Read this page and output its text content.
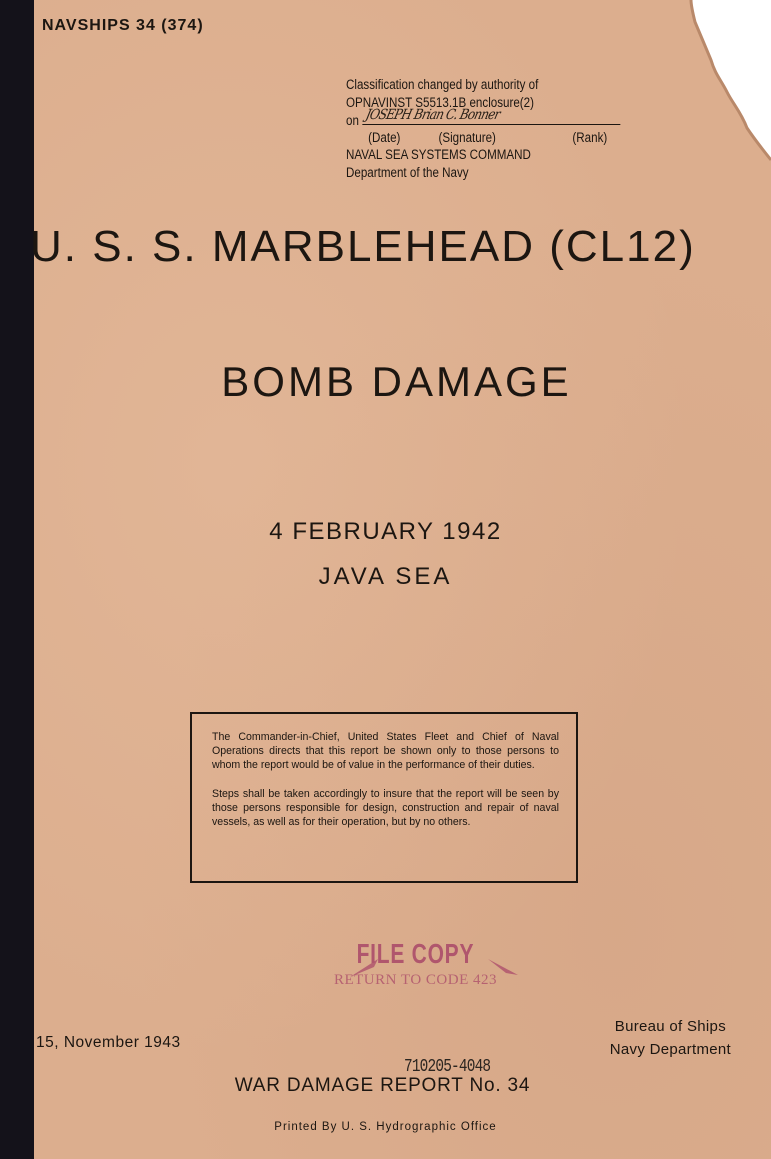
NAVSHIPS 34 (374)
Classification changed by authority of
OPNAVINST S5513.1B enclosure(2)
on JOSEPH Brian C. Bonner
(Date)	(Signature)	(Rank)
NAVAL SEA SYSTEMS COMMAND
Department of the Navy
U. S. S. MARBLEHEAD (CL12)
BOMB DAMAGE
4 FEBRUARY 1942
JAVA SEA

The Commander-in-Chief, United States Fleet and Chief of Naval Operations directs that this report be shown only to those persons to whom the report would be of value in the performance of their duties.

Steps shall be taken accordingly to insure that the report will be seen by those persons responsible for design, construction and repair of naval vessels, as well as for their operation, but by no others.

FILE COPY
RETURN TO CODE 423
Bureau of Ships
Navy Department
15, November 1943
710205-4048
WAR DAMAGE REPORT No. 34
Printed By U. S. Hydrographic Office
